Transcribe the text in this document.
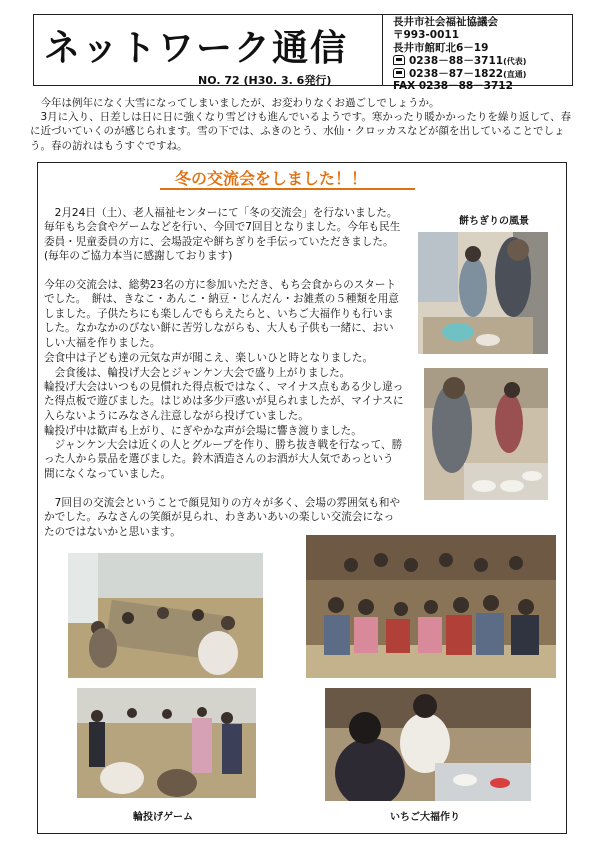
ネットワーク通信
NO. 72 (H30. 3. 6発行)
長井市社会福祉協議会
〒993-0011
長井市館町北6－19
0238－88－3711(代表)
0238－87－1822(直通)
FAX 0238－88－3712

　今年は例年になく大雪になってしまいましたが、お変わりなくお過ごしでしょうか。

　3月に入り、日差しは日に日に強くなり雪どけも進んでいるようです。寒かったり暖かかったりを繰り返して、春に近づいていくのが感じられます。雪の下では、ふきのとう、水仙・クロッカスなどが顔を出していることでしょう。春の訪れはもうすぐですね。

冬の交流会をしました！！
　2月24日（土）、老人福祉センターにて「冬の交流会」を行ないました。毎年もち会食やゲームなどを行い、今回で7回目となりました。今年も民生委員・児童委員の方に、会場設定や餅ちぎりを手伝っていただきました。(毎年のご協力本当に感謝しております)
今年の交流会は、総勢23名の方に参加いただき、もち会食からのスタートでした。　餅は、きなこ・あんこ・納豆・じんだん・お雑煮の５種類を用意しました。子供たちにも楽しんでもらえたらと、いちご大福作りも行いました。なかなかのびない餅に苦労しながらも、大人も子供も一緒に、おいしい大福を作りました。
会食中は子ども達の元気な声が聞こえ、楽しいひと時となりました。
　会食後は、輪投げ大会とジャンケン大会で盛り上がりました。
輪投げ大会はいつもの見慣れた得点板ではなく、マイナス点もある少し違った得点板で遊びました。はじめは多少戸惑いが見られましたが、マイナスに入らないようにみなさん注意しながら投げていました。
輪投げ中は歓声も上がり、にぎやかな声が会場に響き渡りました。
　ジャンケン大会は近くの人とグループを作り、勝ち抜き戦を行なって、勝った人から景品を選びました。鈴木酒造さんのお酒が大人気であっという間になくなっていました。
　7回目の交流会ということで顔見知りの方々が多く、会場の雰囲気も和やかでした。みなさんの笑顔が見られ、わきあいあいの楽しい交流会になったのではないかと思います。
餅ちぎりの風景
輪投げゲーム	いちご大福作り
